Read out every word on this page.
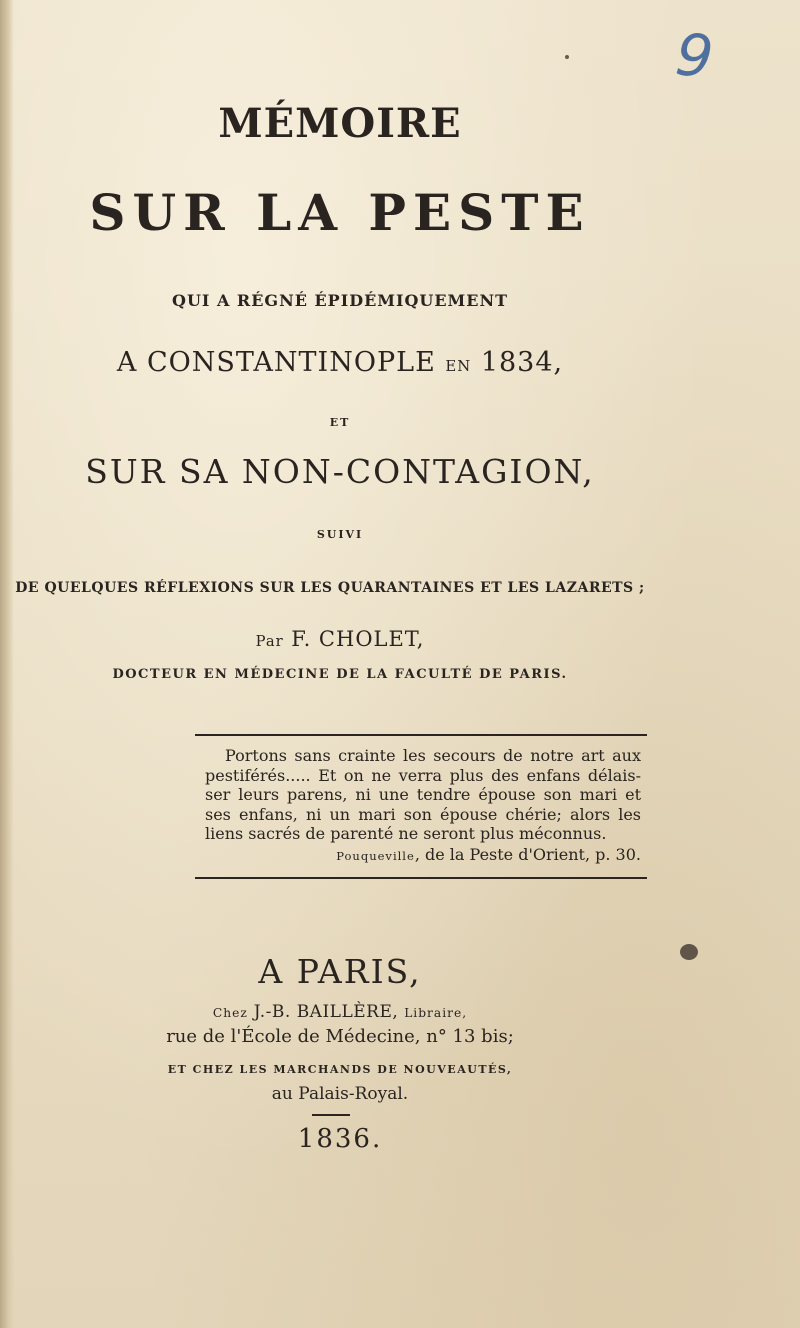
9
MÉMOIRE
SUR LA PESTE
QUI A RÉGNÉ ÉPIDÉMIQUEMENT
A CONSTANTINOPLE EN 1834,
ET
SUR SA NON-CONTAGION,
SUIVI
DE QUELQUES RÉFLEXIONS SUR LES QUARANTAINES ET LES LAZARETS ;
Par F. CHOLET,
DOCTEUR EN MÉDECINE DE LA FACULTÉ DE PARIS.
Portons sans crainte les secours de notre art aux
pestiférés..... Et on ne verra plus des enfans délais-
ser leurs parens, ni une tendre épouse son mari et
ses enfans, ni un mari son épouse chérie; alors les
liens sacrés de parenté ne seront plus méconnus.
Pouqueville, de la Peste d'Orient, p. 30.
A PARIS,
Chez J.-B. BAILLÈRE, Libraire,
rue de l'École de Médecine, n° 13 bis;
ET CHEZ LES MARCHANDS DE NOUVEAUTÉS,
au Palais-Royal.
1836.
